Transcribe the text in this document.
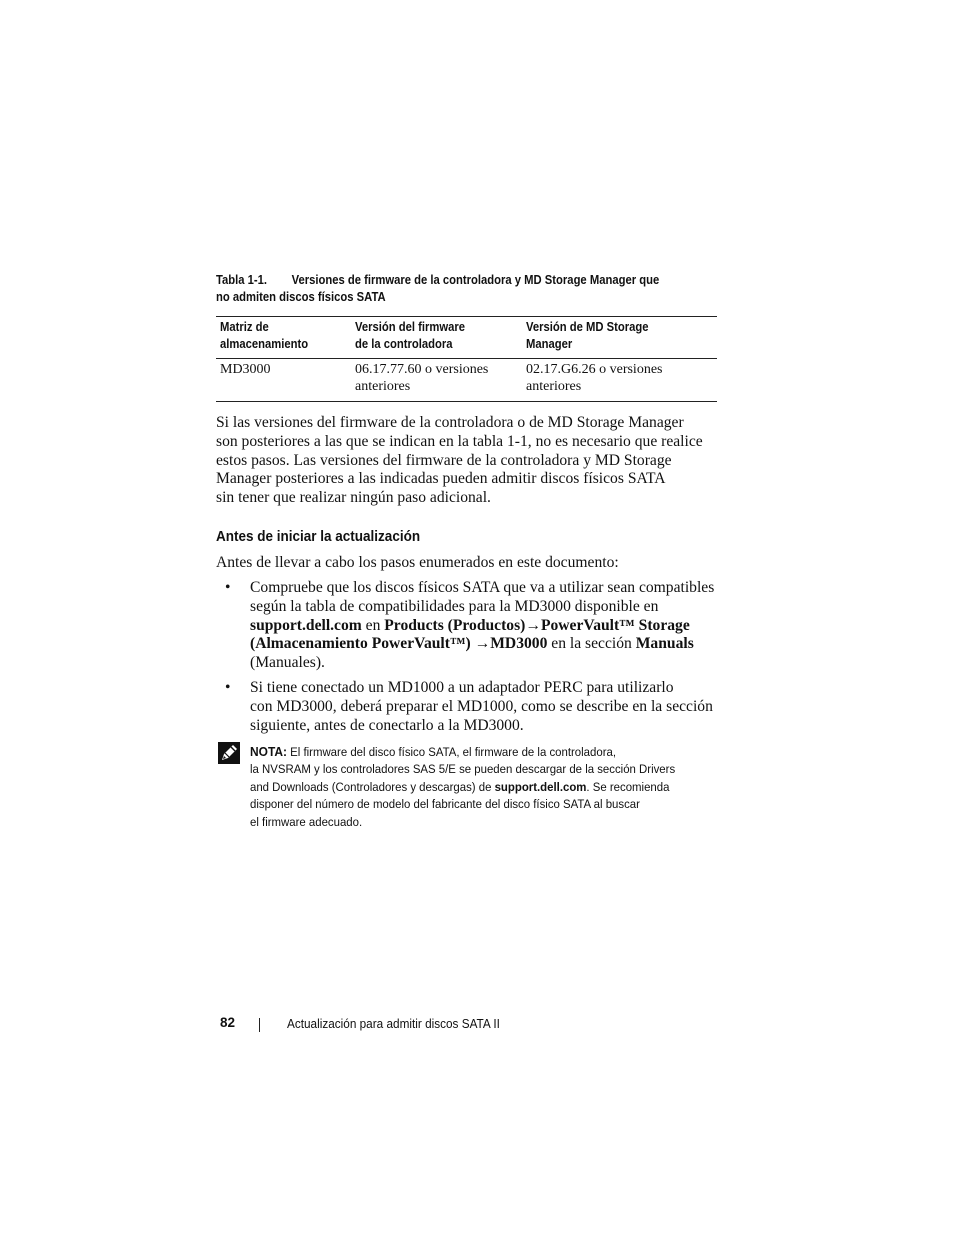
Tabla 1-1. Versiones de firmware de la controladora y MD Storage Manager que
no admiten discos físicos SATA
Matriz de
almacenamiento
Versión del firmware
de la controladora
Versión de MD Storage Manager
MD3000	06.17.77.60 o versiones
anteriores
02.17.G6.26 o versiones
anteriores
Si las versiones del firmware de la controladora o de MD Storage Manager
son posteriores a las que se indican en la tabla 1-1, no es necesario que realice
estos pasos. Las versiones del firmware de la controladora y MD Storage
Manager posteriores a las indicadas pueden admitir discos físicos SATA
sin tener que realizar ningún paso adicional.
Antes de iniciar la actualización
Antes de llevar a cabo los pasos enumerados en este documento:
• Compruebe que los discos físicos SATA que va a utilizar sean compatibles
según la tabla de compatibilidades para la MD3000 disponible en
support.dell.com en Products (Productos)→PowerVault™ Storage
(Almacenamiento PowerVault™) →MD3000 en la sección Manuals
(Manuales).
• Si tiene conectado un MD1000 a un adaptador PERC para utilizarlo
con MD3000, deberá preparar el MD1000, como se describe en la sección
siguiente, antes de conectarlo a la MD3000.
NOTA: El firmware del disco físico SATA, el firmware de la controladora,
la NVSRAM y los controladores SAS 5/E se pueden descargar de la sección Drivers
and Downloads (Controladores y descargas) de support.dell.com. Se recomienda
disponer del número de modelo del fabricante del disco físico SATA al buscar
el firmware adecuado.
82	Actualización para admitir discos SATA II
